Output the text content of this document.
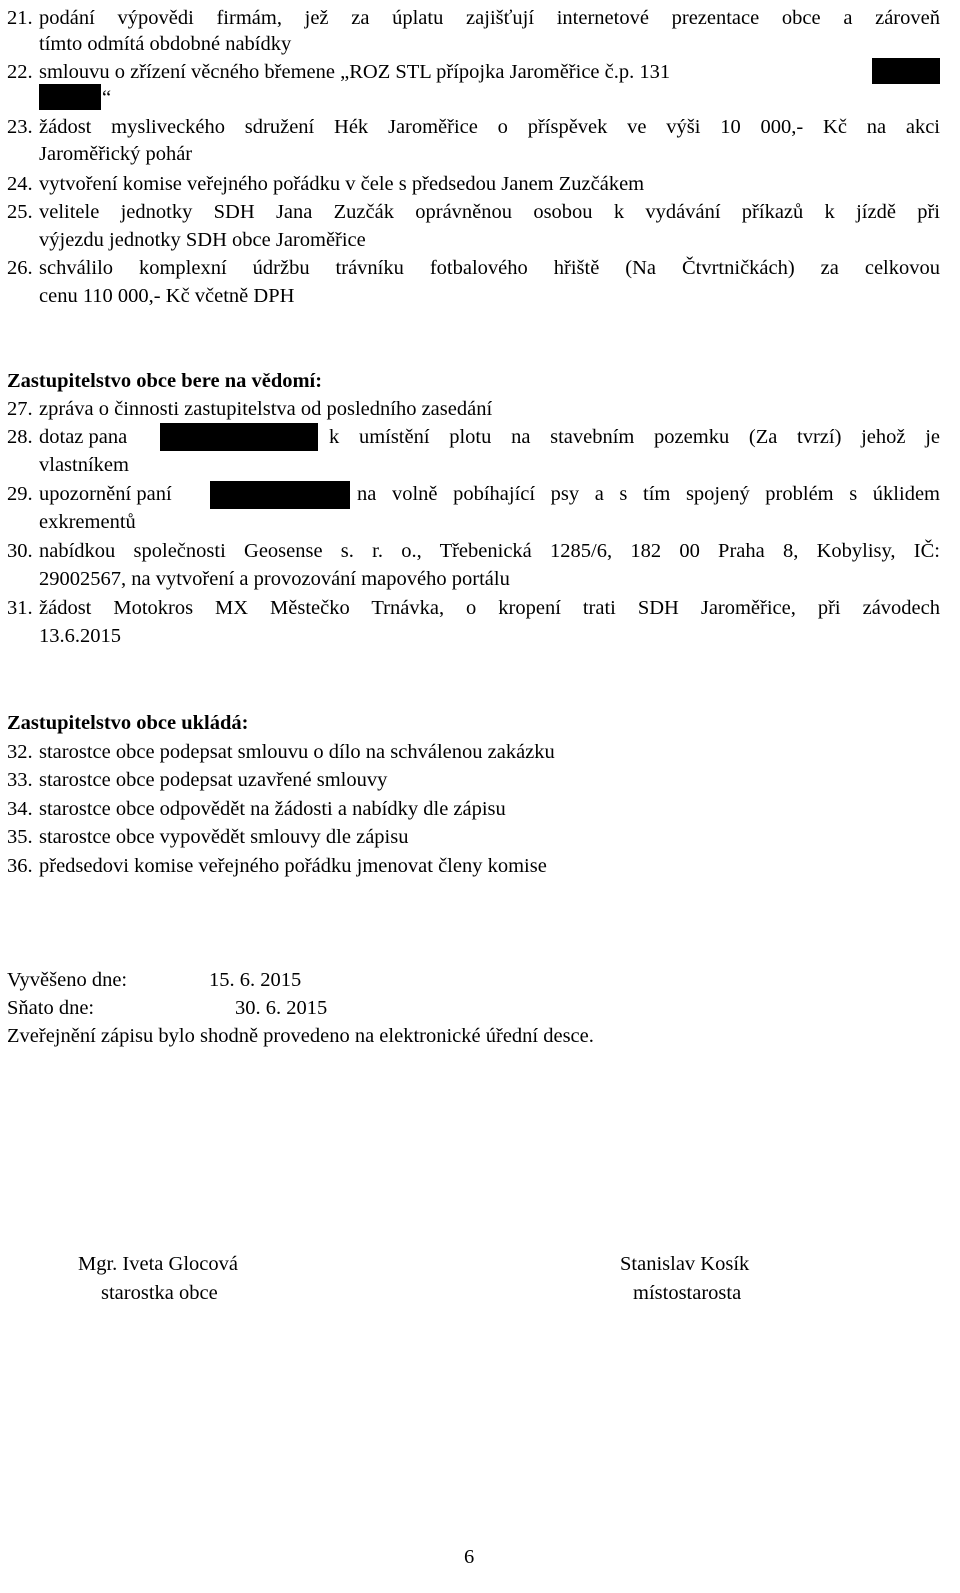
21. podání výpovědi firmám, jež za úplatu zajišťují internetové prezentace obce a zároveň
tímto odmítá obdobné nabídky
22. smlouvu o zřízení věcného břemene „ROZ STL přípojka Jaroměřice č.p. 131
“
23. žádost mysliveckého sdružení Hék Jaroměřice o příspěvek ve výši 10 000,- Kč na akci
Jaroměřický pohár
24. vytvoření komise veřejného pořádku v čele s předsedou Janem Zuzčákem
25. velitele jednotky SDH Jana Zuzčák oprávněnou osobou k vydávání příkazů k jízdě při
výjezdu jednotky SDH obce Jaroměřice
26. schválilo komplexní údržbu trávníku fotbalového hřiště (Na Čtvrtničkách) za celkovou
cenu 110 000,- Kč včetně DPH
Zastupitelstvo obce bere na vědomí:
27. zpráva o činnosti zastupitelstva od posledního zasedání
28. dotaz pana	k umístění plotu na stavebním pozemku (Za tvrzí) jehož je
vlastníkem
29. upozornění paní	na volně pobíhající psy a s tím spojený problém s úklidem
exkrementů
30. nabídkou společnosti Geosense s. r. o., Třebenická 1285/6, 182 00 Praha 8, Kobylisy, IČ:
29002567, na vytvoření a provozování mapového portálu
31. žádost Motokros MX Městečko Trnávka, o kropení trati SDH Jaroměřice, při závodech
13.6.2015
Zastupitelstvo obce ukládá:
32. starostce obce podepsat smlouvu o dílo na schválenou zakázku
33. starostce obce podepsat uzavřené smlouvy
34. starostce obce odpovědět na žádosti a nabídky dle zápisu
35. starostce obce vypovědět smlouvy dle zápisu
36. předsedovi komise veřejného pořádku jmenovat členy komise
Vyvěšeno dne:	15. 6. 2015
Sňato dne:	30. 6. 2015
Zveřejnění zápisu bylo shodně provedeno na elektronické úřední desce.
Mgr. Iveta Glocová
starostka obce
Stanislav Kosík
místostarosta
6
